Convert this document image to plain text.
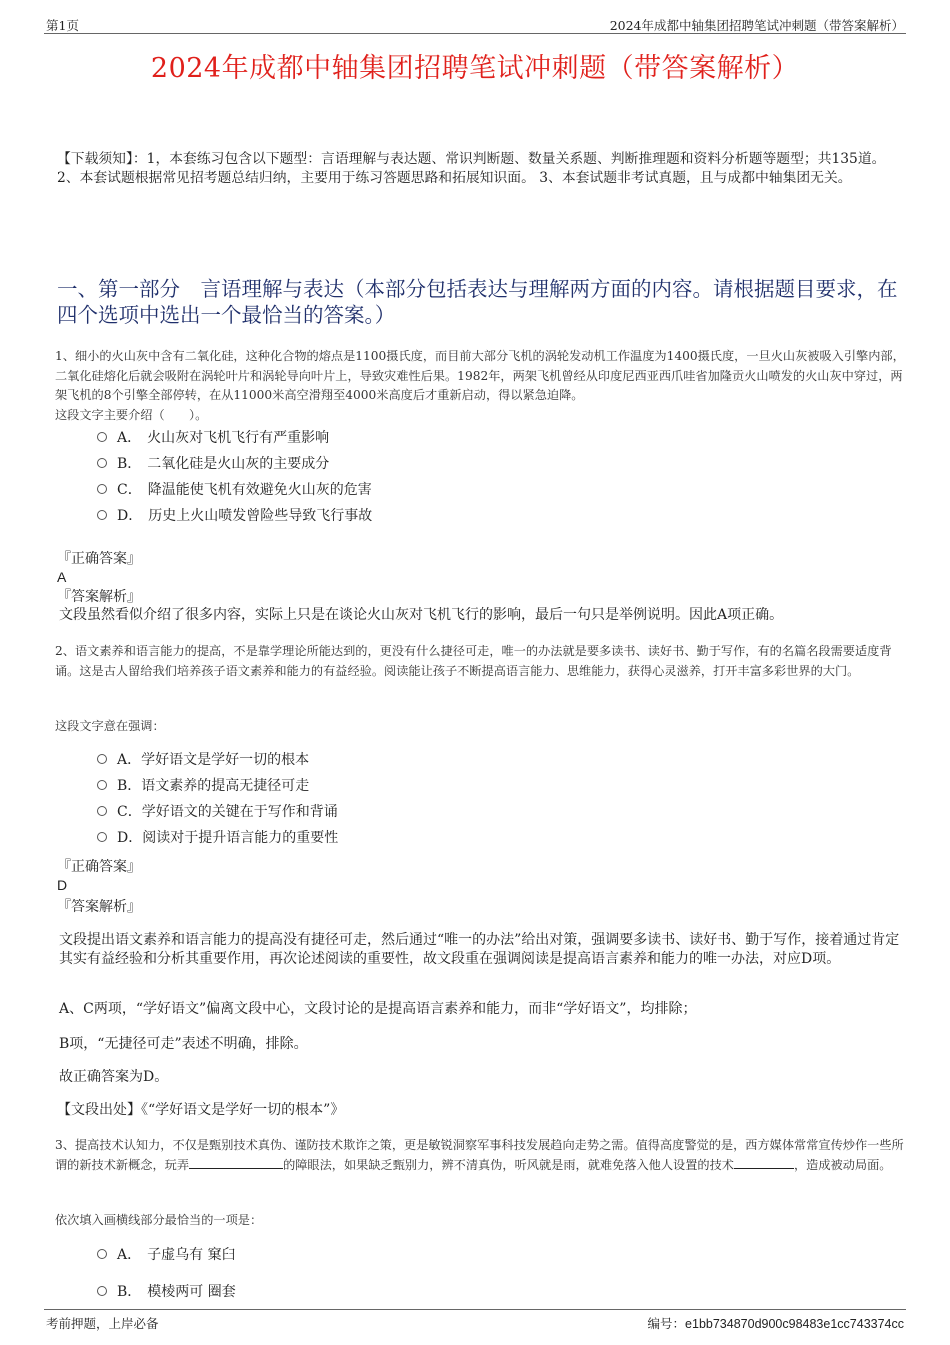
第1页	2024年成都中轴集团招聘笔试冲刺题（带答案解析）
2024年成都中轴集团招聘笔试冲刺题（带答案解析）
【下载须知】：1，本套练习包含以下题型：言语理解与表达题、常识判断题、数量关系题、判断推理题和资料分析题等题型；共135道。 2、本套试题根据常见招考题总结归纳，主要用于练习答题思路和拓展知识面。 3、本套试题非考试真题，且与成都中轴集团无关。
一、第一部分　言语理解与表达（本部分包括表达与理解两方面的内容。请根据题目要求，在四个选项中选出一个最恰当的答案。）
1、细小的火山灰中含有二氧化硅，这种化合物的熔点是1100摄氏度，而目前大部分飞机的涡轮发动机工作温度为1400摄氏度，一旦火山灰被吸入引擎内部，二氧化硅熔化后就会吸附在涡轮叶片和涡轮导向叶片上，导致灾难性后果。1982年，两架飞机曾经从印度尼西亚西爪哇省加隆贡火山喷发的火山灰中穿过，两架飞机的8个引擎全部停转，在从11000米高空滑翔至4000米高度后才重新启动，得以紧急迫降。
这段文字主要介绍（　　）。
A． 火山灰对飞机飞行有严重影响
B． 二氧化硅是火山灰的主要成分
C． 降温能使飞机有效避免火山灰的危害
D． 历史上火山喷发曾险些导致飞行事故
『正确答案』
A
『答案解析』
文段虽然看似介绍了很多内容，实际上只是在谈论火山灰对飞机飞行的影响，最后一句只是举例说明。因此A项正确。
2、语文素养和语言能力的提高，不是靠学理论所能达到的，更没有什么捷径可走，唯一的办法就是要多读书、读好书、勤于写作，有的名篇名段需要适度背诵。这是古人留给我们培养孩子语文素养和能力的有益经验。阅读能让孩子不断提高语言能力、思维能力，获得心灵滋养，打开丰富多彩世界的大门。
这段文字意在强调：
A．学好语文是学好一切的根本
B．语文素养的提高无捷径可走
C．学好语文的关键在于写作和背诵
D．阅读对于提升语言能力的重要性
『正确答案』
D
『答案解析』
文段提出语文素养和语言能力的提高没有捷径可走，然后通过“唯一的办法”给出对策，强调要多读书、读好书、勤于写作，接着通过肯定其实有益经验和分析其重要作用，再次论述阅读的重要性，故文段重在强调阅读是提高语言素养和能力的唯一办法，对应D项。
A、C两项，“学好语文”偏离文段中心，文段讨论的是提高语言素养和能力，而非“学好语文”，均排除；
B项，“无捷径可走”表述不明确，排除。
故正确答案为D。
【文段出处】《“学好语文是学好一切的根本”》
3、提高技术认知力，不仅是甄别技术真伪、谨防技术欺诈之策，更是敏锐洞察军事科技发展趋向走势之需。值得高度警觉的是，西方媒体常常宣传炒作一些所谓的新技术新概念，玩弄	的障眼法，如果缺乏甄别力，辨不清真伪，听风就是雨，就难免落入他人设置的技术	，造成被动局面。
依次填入画横线部分最恰当的一项是：
A． 子虚乌有 窠臼
B． 模棱两可 圈套
考前押题，上岸必备	编号：e1bb734870d900c98483e1cc743374cc
